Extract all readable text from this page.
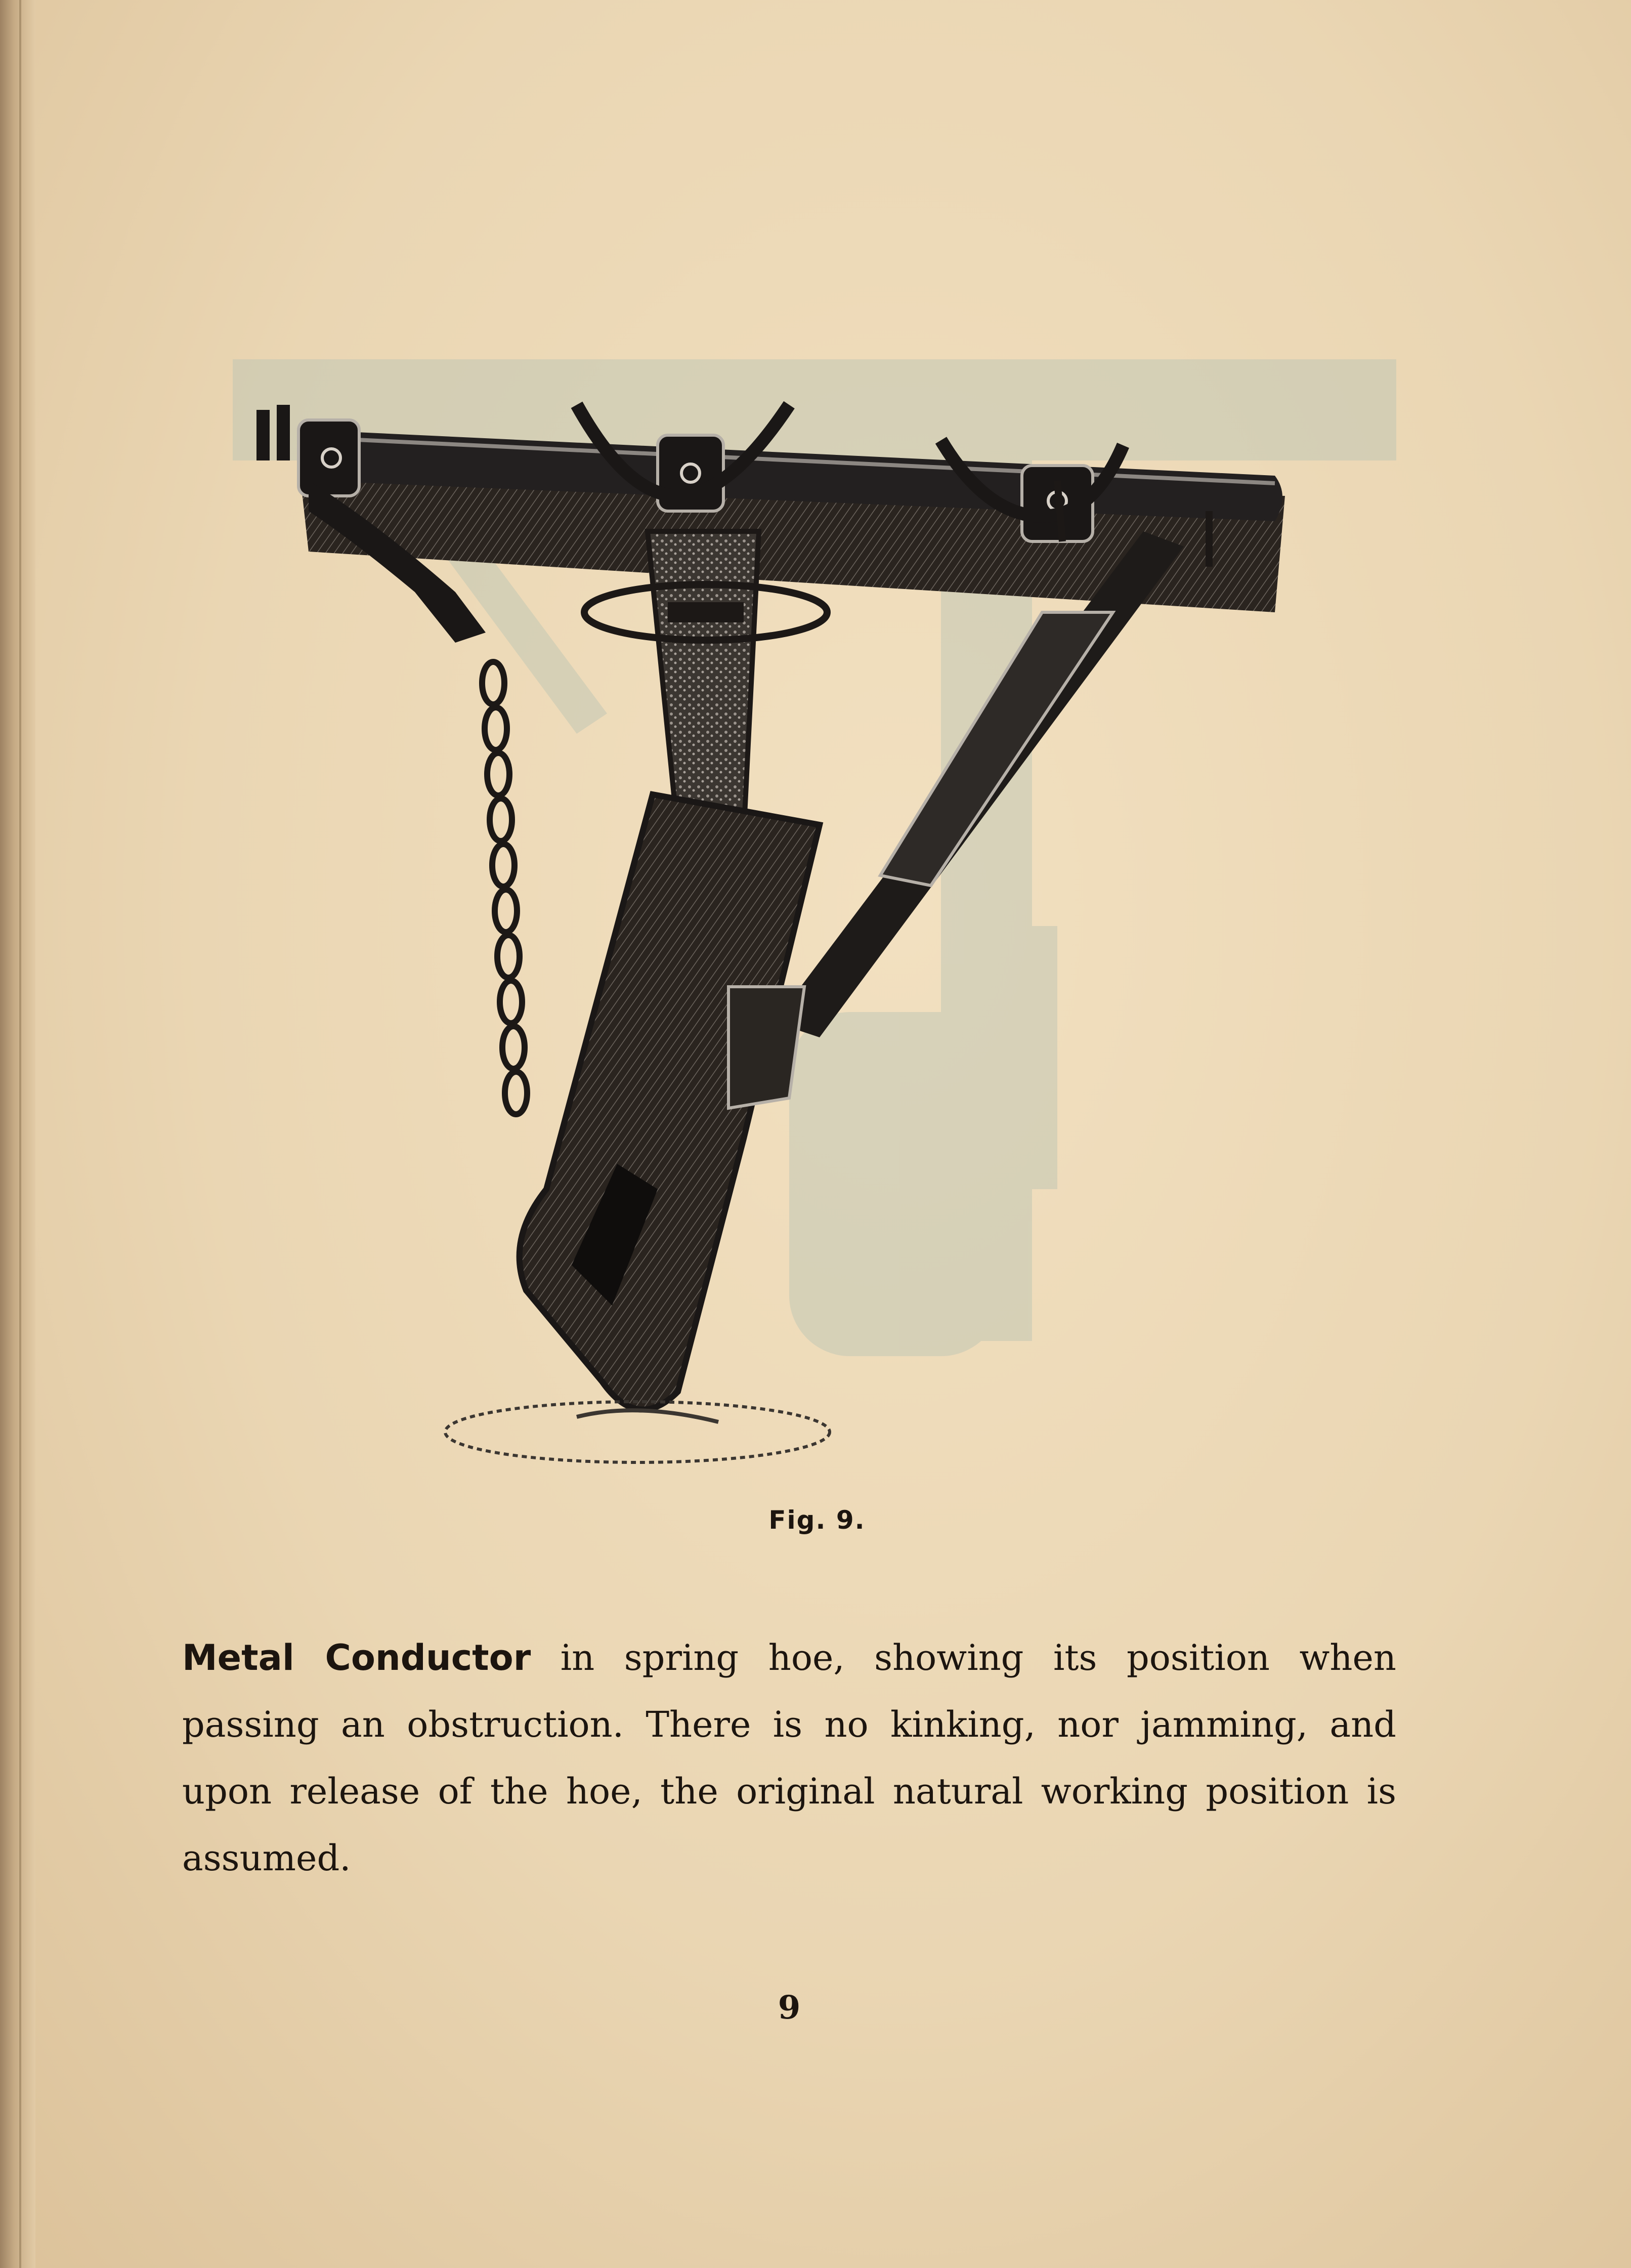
Fig. 9.
Metal Conductor in spring hoe, showing its position when passing an obstruction. There is no kinking, nor jamming, and upon release of the hoe, the original natural working position is assumed.
9
